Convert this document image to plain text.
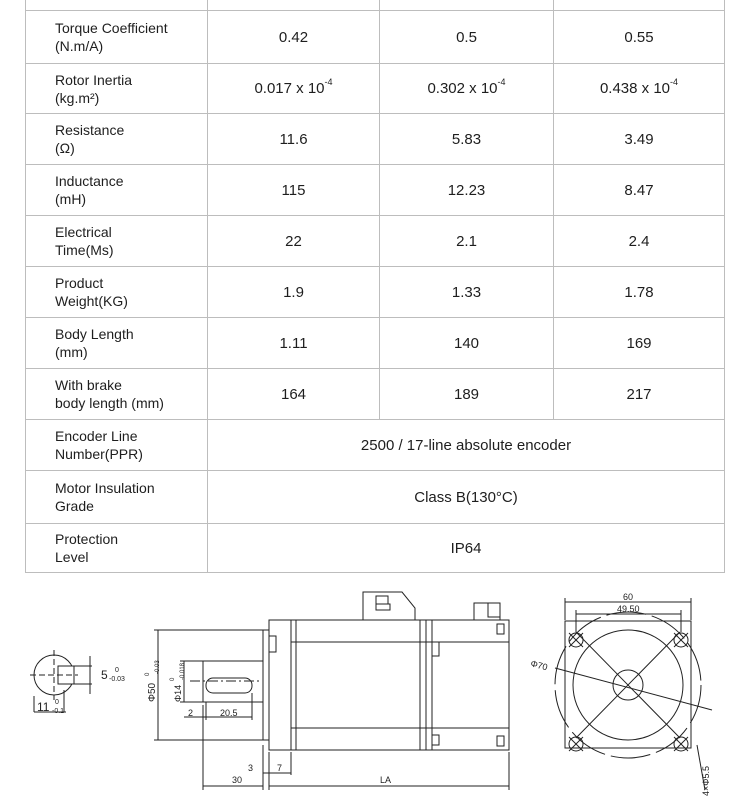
Torque Coefficient
(N.m/A)	0.42	0.5	0.55

Rotor Inertia
(kg.m²)	0.017 x $10^{-4}$	0.302 x $10^{-4}$	0.438 x $10^{-4}$

Resistance
(Ω)	11.6	5.83	3.49

Inductance
(mH)	115	12.23	8.47

Electrical
Time(Ms)	22	2.1	2.4

Product
Weight(KG)	1.9	1.33	1.78

Body Length
(mm)	1.11	140	169

With brake
body length (mm)	164	189	217

Encoder Line
Number(PPR)	2500 / 17-line absolute encoder		

Motor Insulation
Grade	Class B(130°C)		

Protection
Level	IP64		
5 0
-0.03
11 0
-0.1
Φ50
0
-0.03
Φ14
0 -0.018
2	20.5
30
3	7
LA
60
49.50
Φ70
4×Φ5.5
